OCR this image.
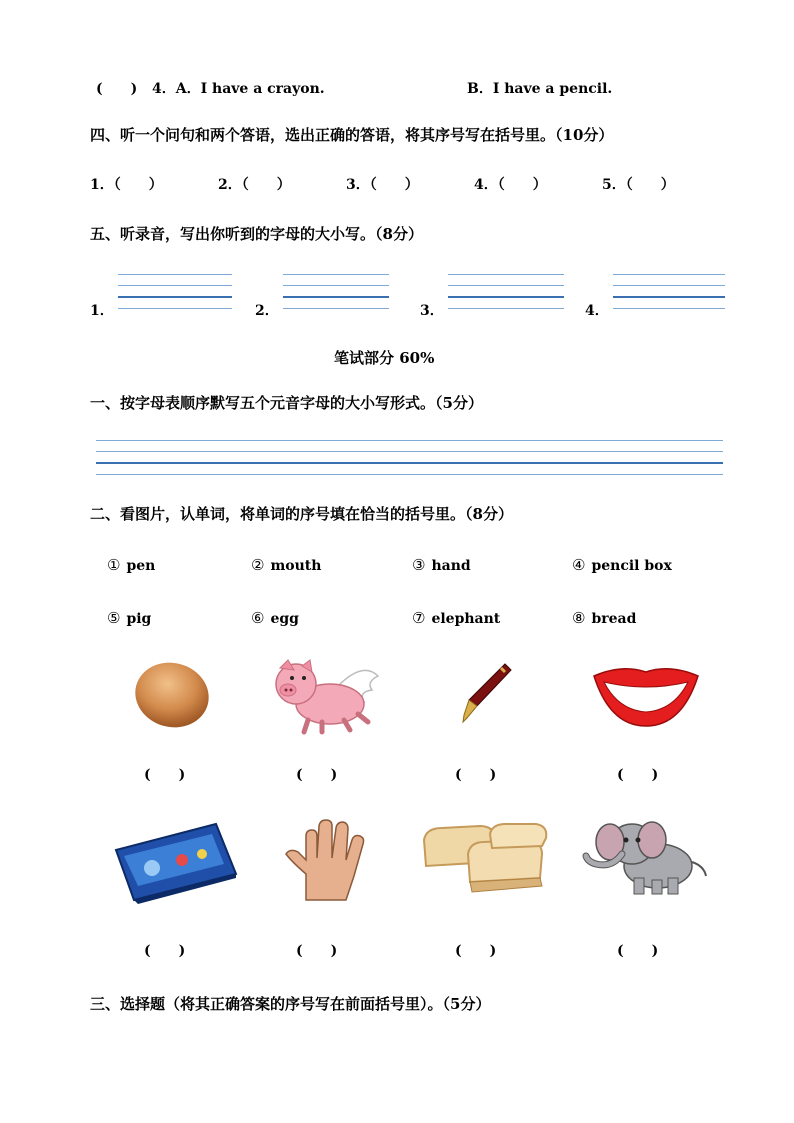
(　　) 4．A．I have a crayon.	B．I have a pencil.
四、听一个问句和两个答语，选出正确的答语，将其序号写在括号里。（10分）
1．（　　）	2．（　　）	3．（　　）	4．（　　）	5．（　　）
五、听录音，写出你听到的字母的大小写。（8分）
1．	2．	3．	4．
笔试部分 60%
一、按字母表顺序默写五个元音字母的大小写形式。（5分）
二、看图片，认单词，将单词的序号填在恰当的括号里。（8分）
① pen	② mouth	③ hand	④ pencil box
⑤ pig	⑥ egg	⑦ elephant	⑧ bread
(　　)	(　　)	(　　)	(　　)
(　　)	(　　)	(　　)	(　　)
三、选择题（将其正确答案的序号写在前面括号里）。（5分）
